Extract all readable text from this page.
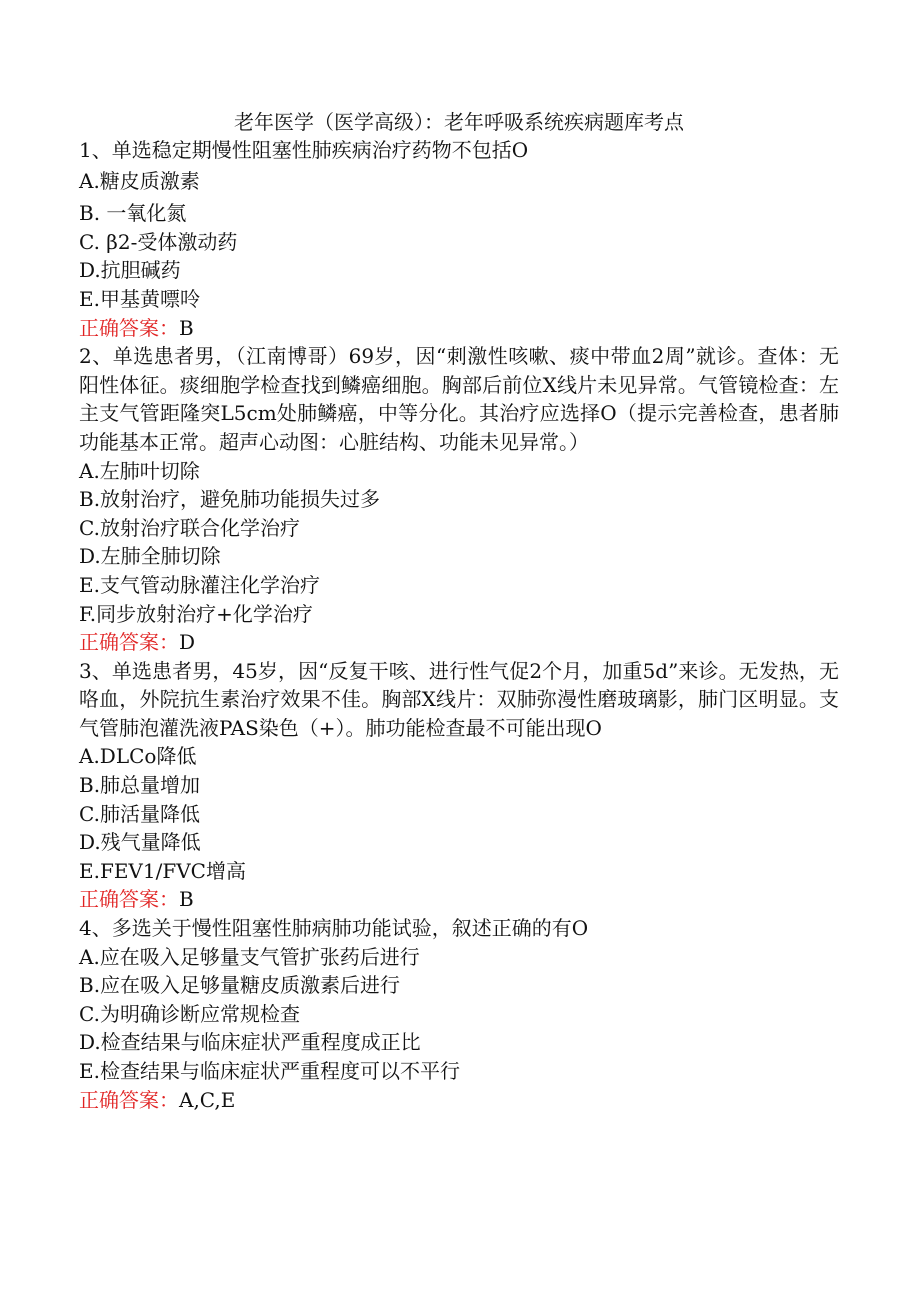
老年医学（医学高级）：老年呼吸系统疾病题库考点

1、单选稳定期慢性阻塞性肺疾病治疗药物不包括O

A.糖皮质激素

B. 一氧化氮

C. β2-受体激动药

D.抗胆碱药

E.甲基黄嘌呤

正确答案：B

2、单选患者男，（江南博哥）69岁，因“刺激性咳嗽、痰中带血2周”就诊。查体：无阳性体征。痰细胞学检查找到鳞癌细胞。胸部后前位X线片未见异常。气管镜检查：左主支气管距隆突L5cm处肺鳞癌，中等分化。其治疗应选择O（提示完善检查，患者肺功能基本正常。超声心动图：心脏结构、功能未见异常。）

A.左肺叶切除

B.放射治疗，避免肺功能损失过多

C.放射治疗联合化学治疗

D.左肺全肺切除

E.支气管动脉灌注化学治疗

F.同步放射治疗+化学治疗

正确答案：D

3、单选患者男，45岁，因“反复干咳、进行性气促2个月，加重5d”来诊。无发热，无咯血，外院抗生素治疗效果不佳。胸部X线片：双肺弥漫性磨玻璃影，肺门区明显。支气管肺泡灌洗液PAS染色（+）。肺功能检查最不可能出现O

A.DLCo降低

B.肺总量增加

C.肺活量降低

D.残气量降低

E.FEV1/FVC增高

正确答案：B

4、多选关于慢性阻塞性肺病肺功能试验，叙述正确的有O

A.应在吸入足够量支气管扩张药后进行

B.应在吸入足够量糖皮质激素后进行

C.为明确诊断应常规检查

D.检查结果与临床症状严重程度成正比

E.检查结果与临床症状严重程度可以不平行

正确答案：A,C,E
